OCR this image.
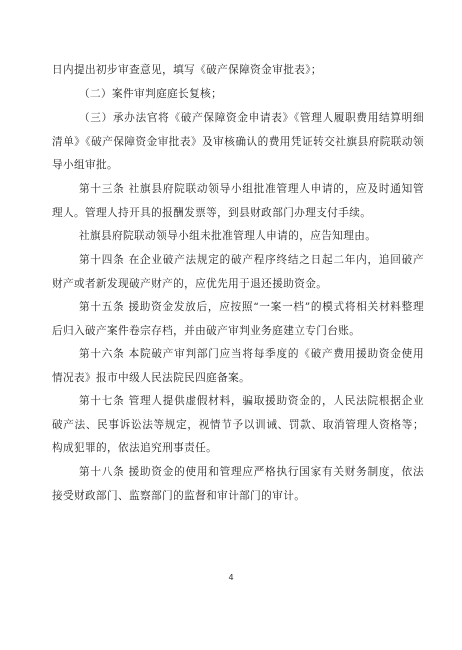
日内提出初步审查意见，填写《破产保障资金审批表》；

（二）案件审判庭庭长复核；

（三）承办法官将《破产保障资金申请表》《管理人履职费用结算明细清单》《破产保障资金审批表》及审核确认的费用凭证转交社旗县府院联动领导小组审批。

第十三条 社旗县府院联动领导小组批准管理人申请的，应及时通知管理人。管理人持开具的报酬发票等，到县财政部门办理支付手续。

社旗县府院联动领导小组未批准管理人申请的，应告知理由。

第十四条 在企业破产法规定的破产程序终结之日起二年内，追回破产财产或者新发现破产财产的，应优先用于退还援助资金。

第十五条 援助资金发放后，应按照“一案一档”的模式将相关材料整理后归入破产案件卷宗存档，并由破产审判业务庭建立专门台账。

第十六条 本院破产审判部门应当将每季度的《破产费用援助资金使用情况表》报市中级人民法院民四庭备案。

第十七条 管理人提供虚假材料，骗取援助资金的，人民法院根据企业破产法、民事诉讼法等规定，视情节予以训诫、罚款、取消管理人资格等；构成犯罪的，依法追究刑事责任。

第十八条 援助资金的使用和管理应严格执行国家有关财务制度，依法接受财政部门、监察部门的监督和审计部门的审计。

4
